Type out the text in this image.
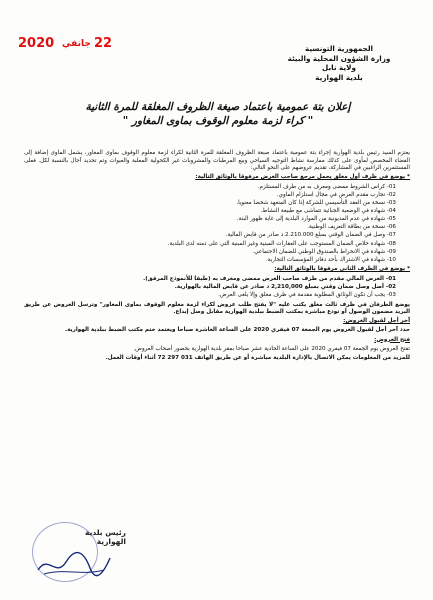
2020 جانفي 22	الجمهورية التونسية
وزارة الشؤون المحلية والبيئة
ولاية نابل
بلدية الهوارية
إعلان بتة عمومية باعتماد صيغة الظروف المغلقة للمرة الثانية
" كراء لزمة معلوم الوقوف بماوى المغاور "

يعتزم السيد رئيس بلدية الهوارية إجراء بتة عمومية باعتماد صيغة الظروف المغلقة للمرة الثانية لكراء لزمة معلوم الوقوف بماوى المغاور، يشمل الماوى إضافة إلى الفضاء المخصص لمأوى على كذلك ممارسة نشاط التوجيه السياحي وبيع المرطبات والمشروبات غير الكحولية المعلبة والعبوات وتم تحديد آجال بالنسبة لكل. فعلى المستثمرين الراغبين في المشاركة، تقديم عروضهم على النحو التالي:

* يوضع في ظرف أول مغلق يحمل مرجع صاحب العرض مرفوقا بالوثائق التالية:

01- كراس الشروط ممضى ومعرف به من طرف المستلزم.
02- تجارب مقدم العرض في مجال استلزام الماوي.
03- نسخة من العقد التأسيسي للشركة إذا كان المتعهد شخصا معنويا.
04- شهادة في الوضعية الجبائية تتماشى مع طبيعة النشاط.
05- شهادة في عدم المديونية من الموارد البلدية إلى غاية ظهور البتة.
06- نسخة من بطاقة التعريف الوطنية.
07- وصل في الضمان الوقتي بمبلغ 2.210.000 د صادر من قابض المالية.
08- شهادة خلاص الضمان المستوجب على العقارات المبنية وغير المبنية التي على ذمته لدى البلدية.
09- شهادة في الانخراط بالصندوق الوطني للضمان الاجتماعي.
10- شهادة في الاشتراك بأحد دفاتر المؤسسات التجارية.

* يوضع في الظرف الثاني مرفوقا بالوثائق التالية:

01- العرض المالي مقدم من طرف صاحب العرض ممضى ومعرف به (طبقا للأنموذج المرفق).
02- أصل وصل ضمان وقتي بمبلغ 2,210,000 د صادر عن قابض المالية بالهوارية.
03- يجب أن تكون الوثائق المطلوبة مقدمة في ظرف مغلق وإلا يلغى العرض.

يوضع الظرفان في ظرف ثالث مغلق يكتب عليه "لا يفتح طلب عروض لكراء لزمة معلوم الوقوف بماوى المغاور" وترسل العروض عن طريق البريد مضمون الوصول أو تودع مباشرة بمكتب الضبط ببلدية الهوارية مقابل وصل إيداع.

آخر أجل لقبول العروض:

حدد آخر أجل لقبول العروض يوم الجمعة 07 فيفري 2020 على الساعة العاشرة صباحا ويعتمد ختم مكتب الضبط ببلدية الهوارية.

فتح العروض:

تفتح العروض يوم الجمعة 07 فيفري 2020 على الساعة الحادية عشر صباحا بمقر بلدية الهوارية بحضور أصحاب العروض.

للمزيد من المعلومات يمكن الاتصال بالإدارة البلدية مباشرة أو عن طريق الهاتف 031 297 72 أثناء أوقات العمل.

رئيس بلدية الهوارية
